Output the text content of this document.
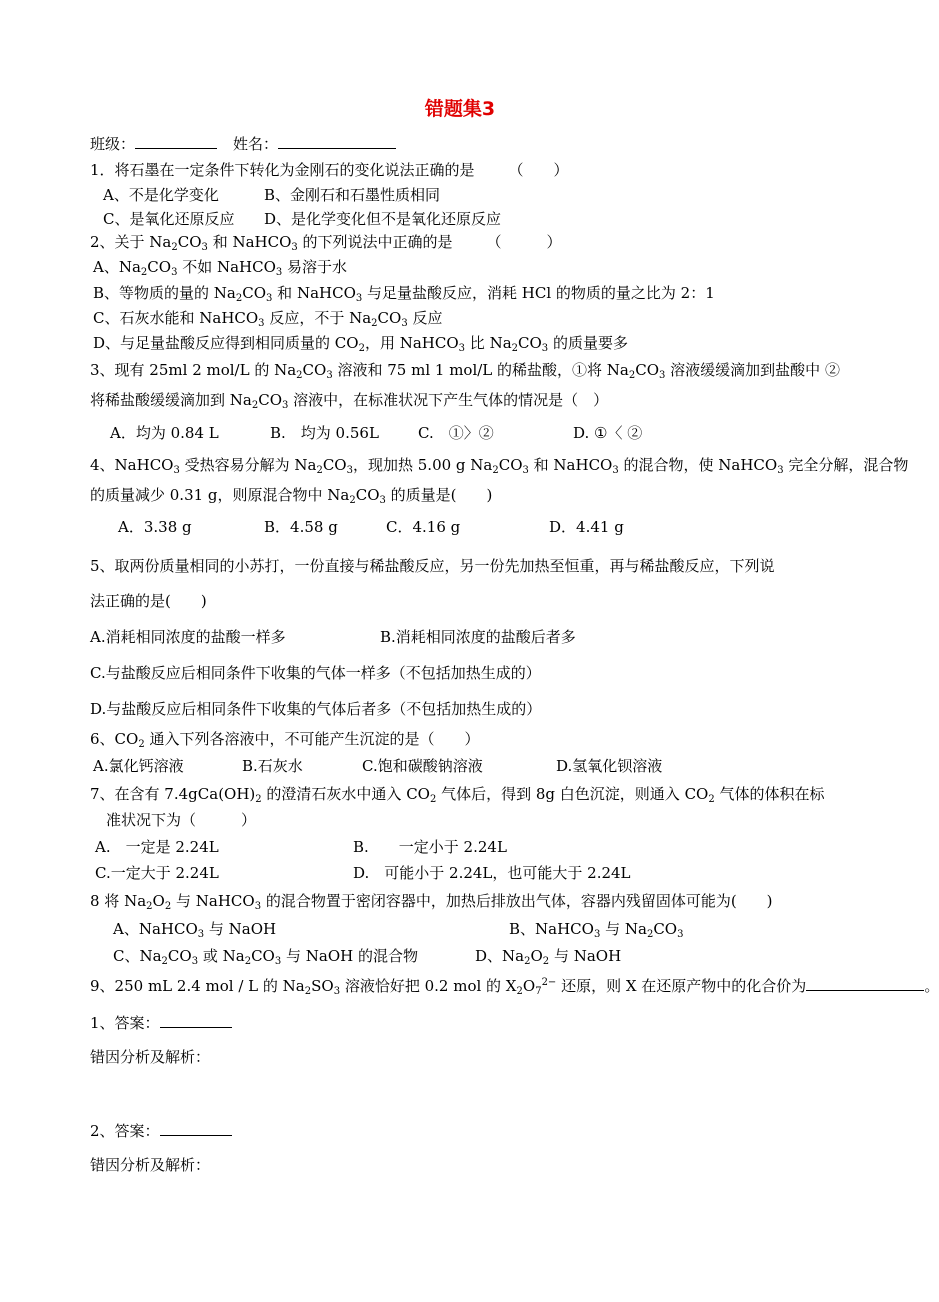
错题集3
班级：	姓名：
1．将石墨在一定条件下转化为金刚石的变化说法正确的是 （　　）
A、不是化学变化	B、金刚石和石墨性质相同
C、是氧化还原反应 D、是化学变化但不是氧化还原反应
2、关于 $Na_2CO_3$ 和 NaHCO$_3$ 的下列说法中正确的是 （　　　）
A、$Na_2CO_3$ 不如 NaHCO$_3$ 易溶于水
B、等物质的量的 $Na_2CO_3$ 和 NaHCO$_3$ 与足量盐酸反应，消耗 HCl 的物质的量之比为 2：1
C、石灰水能和 NaHCO$_3$ 反应，不于 $Na_2CO_3$ 反应
D、与足量盐酸反应得到相同质量的 $CO_2$，用 NaHCO$_3$ 比 $Na_2CO_3$ 的质量要多
3、现有 25ml 2 mol/L 的 $Na_2CO_3$ 溶液和 75 ml 1 mol/L 的稀盐酸，①将 $Na_2CO_3$ 溶液缓缓滴加到盐酸中 ②
将稀盐酸缓缓滴加到 $Na_2CO_3$ 溶液中，在标准状况下产生气体的情况是（　）
A．均为 0.84 L	B.　均为 0.56L	C.　①〉②	D. ①〈 ②
4、NaHCO$_3$ 受热容易分解为 $Na_2CO_3$，现加热 5.00 g $Na_2CO_3$ 和 NaHCO$_3$ 的混合物，使 NaHCO$_3$ 完全分解，混合物
的质量减少 0.31 g，则原混合物中 $Na_2CO_3$ 的质量是(　　)
A．3.38 g	B．4.58 g	C．4.16 g	D．4.41 g
5、取两份质量相同的小苏打，一份直接与稀盐酸反应，另一份先加热至恒重，再与稀盐酸反应，下列说
法正确的是(　　)
A.消耗相同浓度的盐酸一样多	B.消耗相同浓度的盐酸后者多
C.与盐酸反应后相同条件下收集的气体一样多（不包括加热生成的）
D.与盐酸反应后相同条件下收集的气体后者多（不包括加热生成的）
6、$CO_2$ 通入下列各溶液中，不可能产生沉淀的是（　　）
A.氯化钙溶液	B.石灰水	C.饱和碳酸钠溶液	D.氢氧化钡溶液
7、在含有 $7.4gCa(OH)_2$ 的澄清石灰水中通入 $CO_2$ 气体后，得到 8g 白色沉淀，则通入 $CO_2$ 气体的体积在标
准状况下为（　　　）
A.　一定是 2.24L	B.　　一定小于 2.24L
C.一定大于 2.24L	D.　可能小于 2.24L，也可能大于 2.24L
8 将 $Na_2O_2$ 与 NaHCO$_3$ 的混合物置于密闭容器中，加热后排放出气体，容器内残留固体可能为(　　)
A、NaHCO$_3$ 与 NaOH	B、NaHCO$_3$ 与 $Na_2CO_3$
C、$Na_2CO_3$ 或 $Na_2CO_3$ 与 NaOH 的混合物	D、$Na_2O_2$ 与 NaOH
9、250 mL 2.4 mol / L 的 $Na_2SO_3$ 溶液恰好把 0.2 mol 的 $X_2O_7^{2-}$ 还原，则 X 在还原产物中的化合价为	。
1、答案：
错因分析及解析：
2、答案：
错因分析及解析：
